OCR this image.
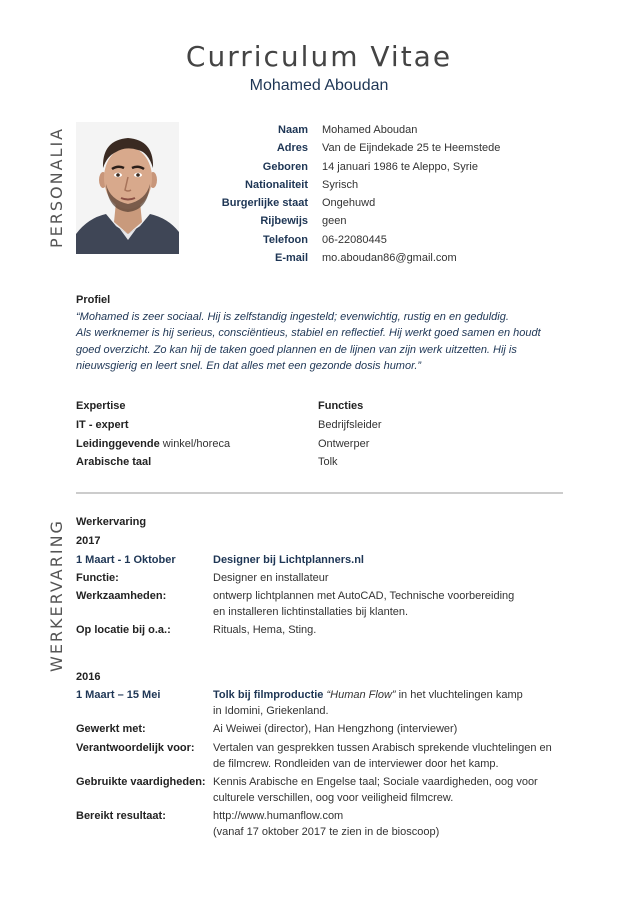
Curriculum Vitae
Mohamed Aboudan
PERSONALIA
WERKERVARING
Naam	Mohamed Aboudan
Adres	Van de Eijndekade 25 te Heemstede
Geboren	14 januari 1986 te Aleppo, Syrie
Nationaliteit	Syrisch
Burgerlijke staat	Ongehuwd
Rijbewijs	geen
Telefoon	06-22080445
E-mail	mo.aboudan86@gmail.com
Profiel
“Mohamed is zeer sociaal. Hij is zelfstandig ingesteld; evenwichtig, rustig en en geduldig.
Als werknemer is hij serieus, consciëntieus, stabiel en reflectief. Hij werkt goed samen en houdt
goed overzicht. Zo kan hij de taken goed plannen en de lijnen van zijn werk uitzetten. Hij is
nieuwsgierig en leert snel. En dat alles met een gezonde dosis humor.”
Expertise	Functies
IT - expert	Bedrijfsleider
Leidinggevende winkel/horeca	Ontwerper
Arabische taal	Tolk
Werkervaring
2017
1 Maart - 1 Oktober	Designer bij Lichtplanners.nl
Functie:	Designer en installateur
Werkzaamheden:	ontwerp lichtplannen met AutoCAD, Technische voorbereiding
en installeren lichtinstallaties bij klanten.
Op locatie bij o.a.:	Rituals, Hema, Sting.
2016
1 Maart – 15 Mei	Tolk bij filmproductie “Human Flow” in het vluchtelingen kamp
in Idomini, Griekenland.
Gewerkt met:	Ai Weiwei (director), Han Hengzhong (interviewer)
Verantwoordelijk voor: Vertalen van gesprekken tussen Arabisch sprekende vluchtelingen en
de filmcrew. Rondleiden van de interviewer door het kamp.
Gebruikte vaardigheden: Kennis Arabische en Engelse taal; Sociale vaardigheden, oog voor
culturele verschillen, oog voor veiligheid filmcrew.
Bereikt resultaat:	http://www.humanflow.com
(vanaf 17 oktober 2017 te zien in de bioscoop)
